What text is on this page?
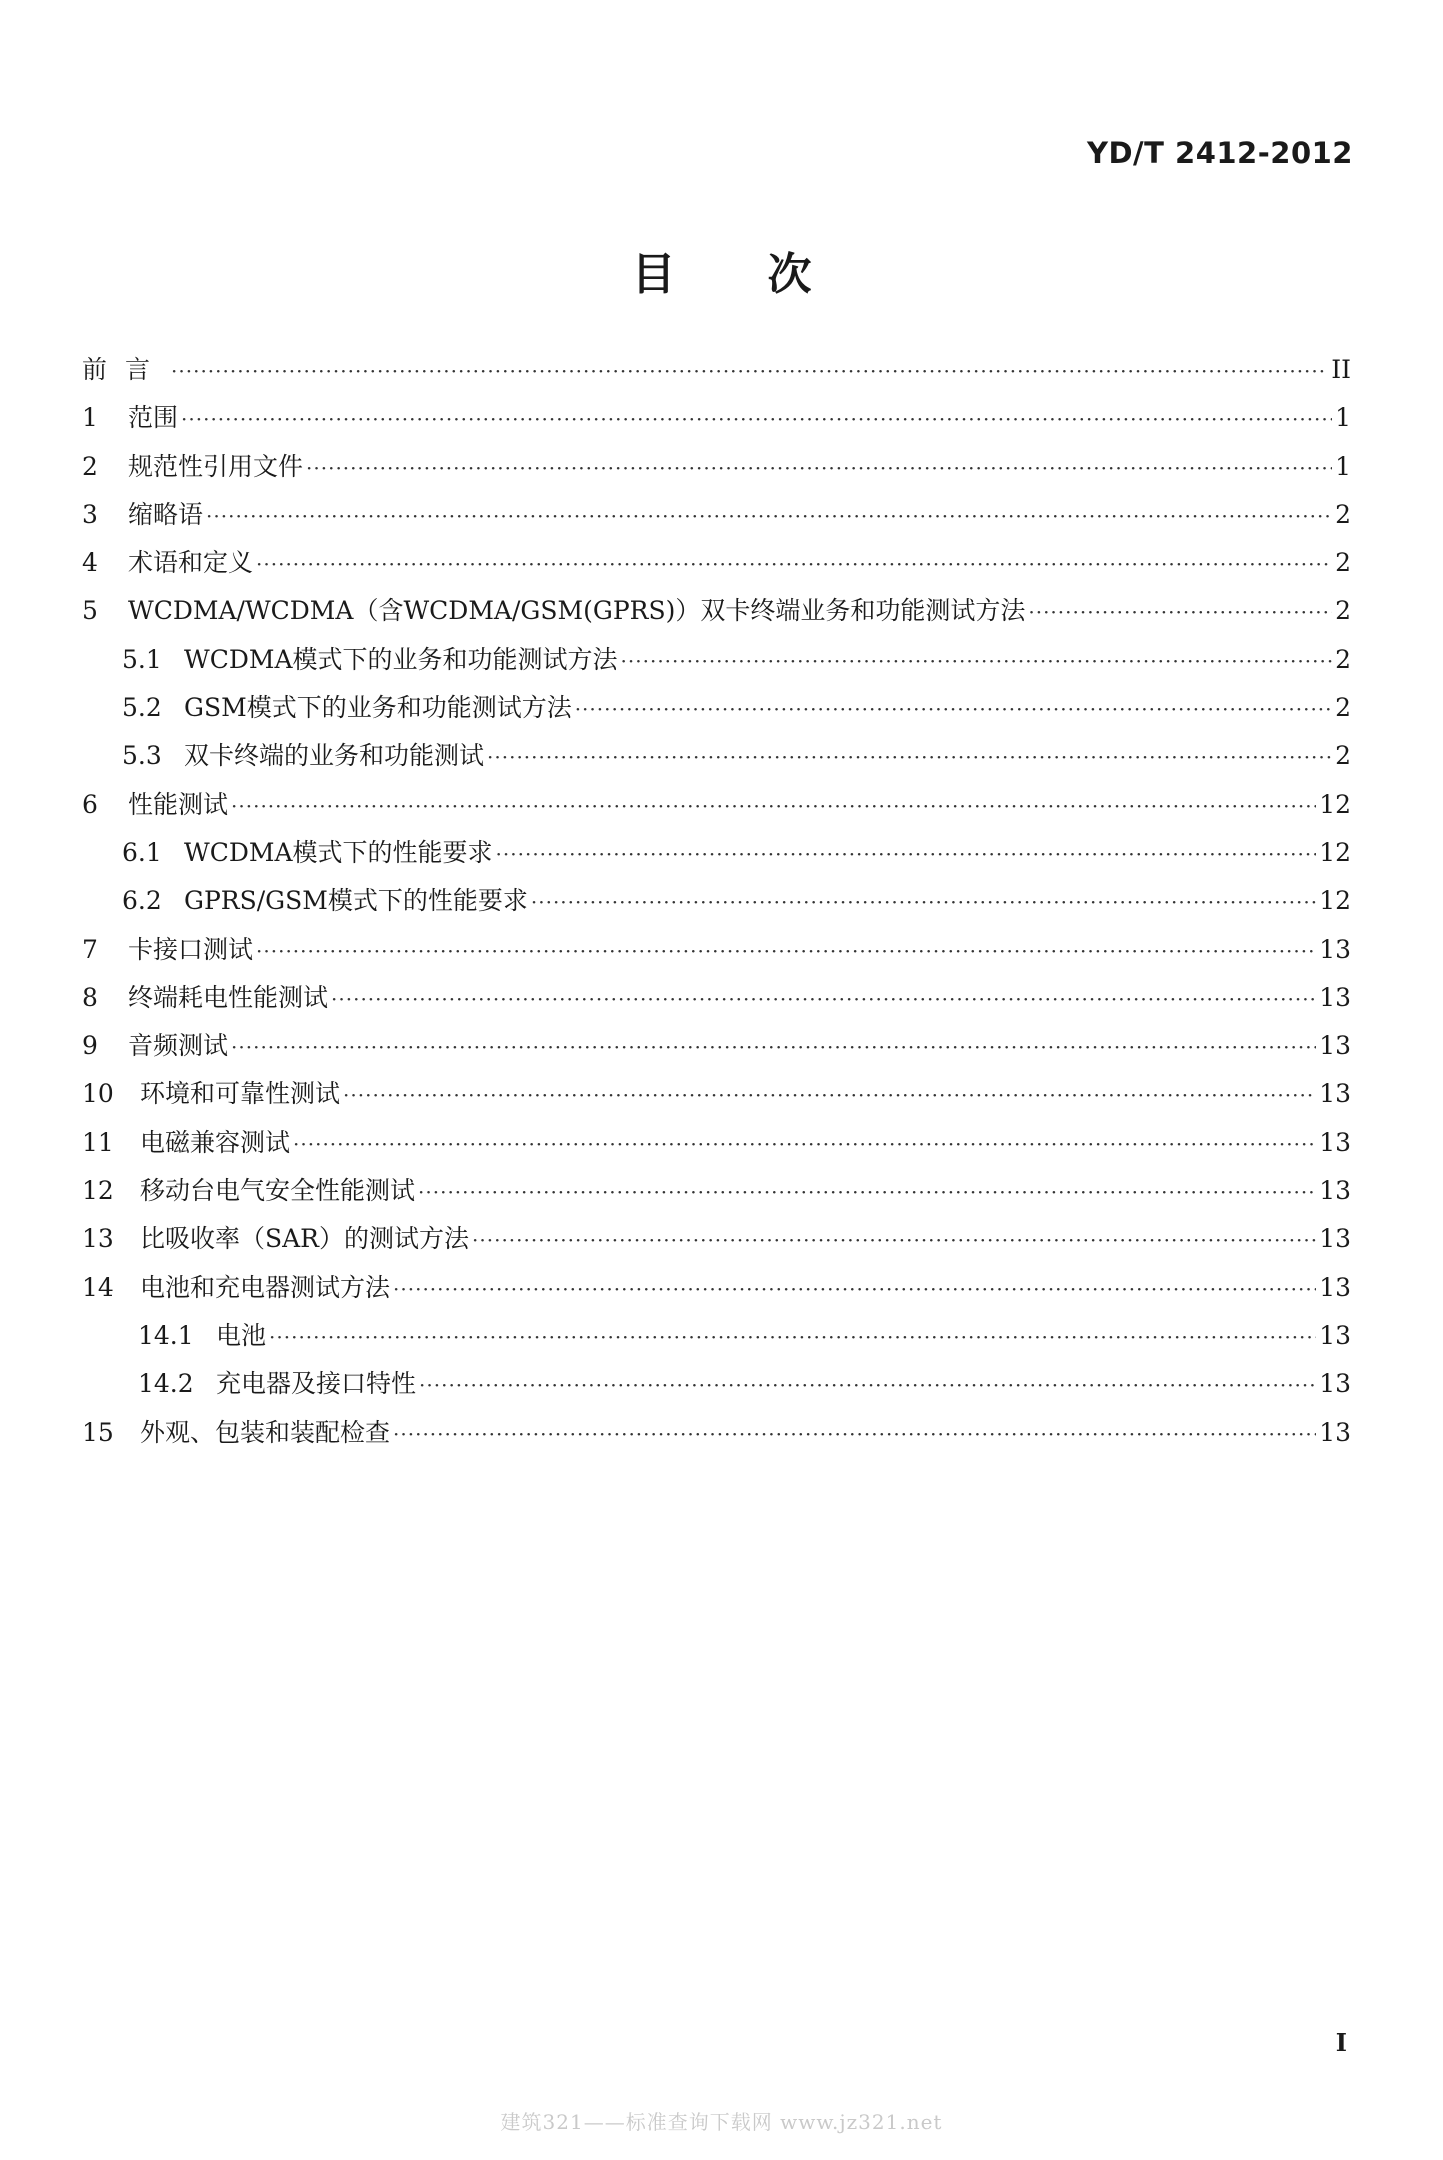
YD/T 2412-2012
目次
前言 ·····	II
1	范围 ·····	1
2	规范性引用文件 ·····	1
3	缩略语 ·····	2
4	术语和定义 ·····	2
5	WCDMA/WCDMA（含WCDMA/GSM(GPRS)）双卡终端业务和功能测试方法 ·····	2
5.1 WCDMA模式下的业务和功能测试方法 ·····	2
5.2 GSM模式下的业务和功能测试方法 ·····	2
5.3 双卡终端的业务和功能测试 ·····	2
6	性能测试 ·····	12
6.1 WCDMA模式下的性能要求 ·····	12
6.2 GPRS/GSM模式下的性能要求 ·····	12
7	卡接口测试 ·····	13
8	终端耗电性能测试 ·····	13
9	音频测试 ·····	13
10	环境和可靠性测试 ·····	13
11	电磁兼容测试 ·····	13
12	移动台电气安全性能测试 ·····	13
13	比吸收率（SAR）的测试方法 ·····	13
14	电池和充电器测试方法 ·····	13
14.1 电池 ·····	13
14.2 充电器及接口特性 ·····	13
15	外观、包装和装配检查 ·····	13
I
建筑321——标准查询下载网 www.jz321.net
